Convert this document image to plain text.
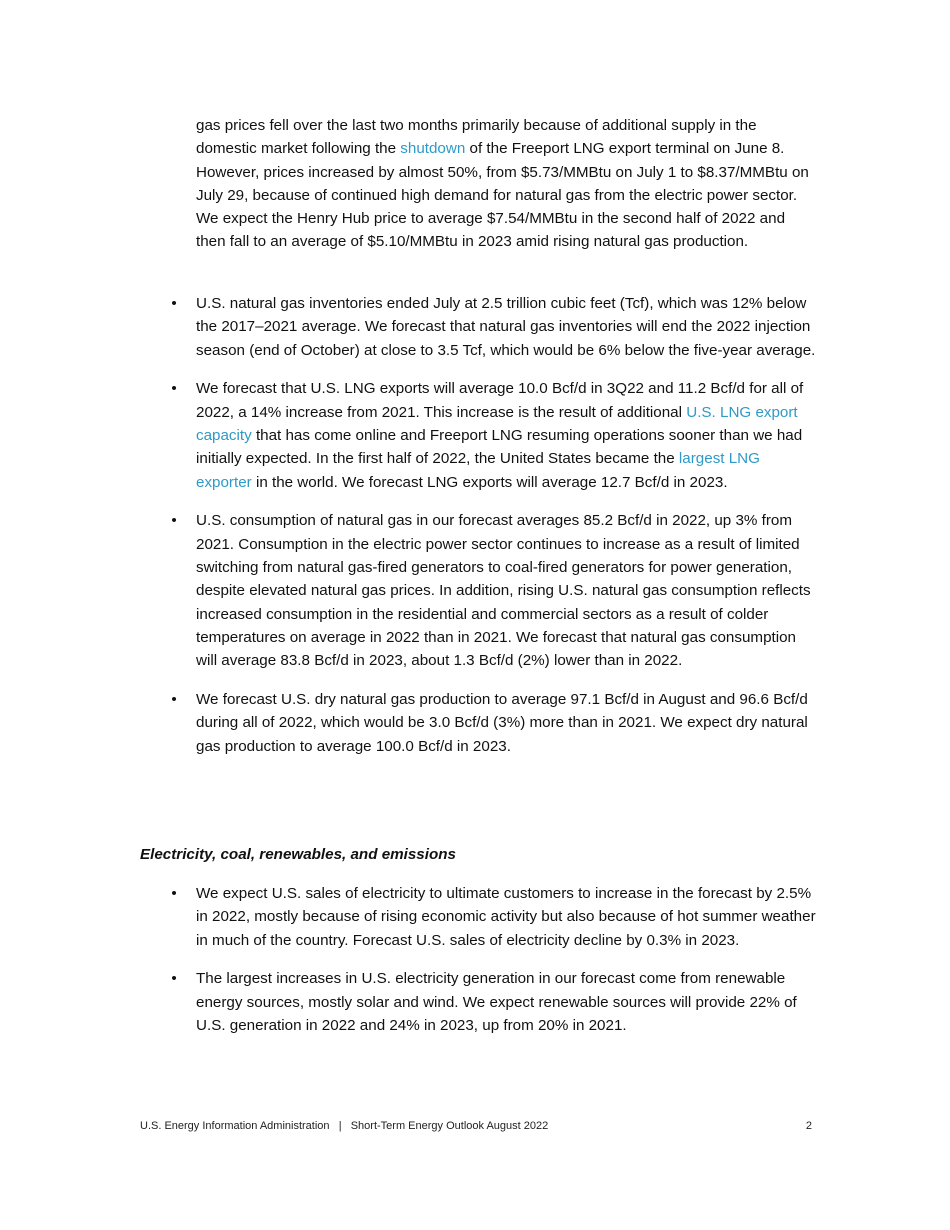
gas prices fell over the last two months primarily because of additional supply in the domestic market following the shutdown of the Freeport LNG export terminal on June 8. However, prices increased by almost 50%, from $5.73/MMBtu on July 1 to $8.37/MMBtu on July 29, because of continued high demand for natural gas from the electric power sector. We expect the Henry Hub price to average $7.54/MMBtu in the second half of 2022 and then fall to an average of $5.10/MMBtu in 2023 amid rising natural gas production.

• U.S. natural gas inventories ended July at 2.5 trillion cubic feet (Tcf), which was 12% below the 2017–2021 average. We forecast that natural gas inventories will end the 2022 injection season (end of October) at close to 3.5 Tcf, which would be 6% below the five-year average.
• We forecast that U.S. LNG exports will average 10.0 Bcf/d in 3Q22 and 11.2 Bcf/d for all of 2022, a 14% increase from 2021. This increase is the result of additional U.S. LNG export capacity that has come online and Freeport LNG resuming operations sooner than we had initially expected. In the first half of 2022, the United States became the largest LNG exporter in the world. We forecast LNG exports will average 12.7 Bcf/d in 2023.
• U.S. consumption of natural gas in our forecast averages 85.2 Bcf/d in 2022, up 3% from 2021. Consumption in the electric power sector continues to increase as a result of limited switching from natural gas-fired generators to coal-fired generators for power generation, despite elevated natural gas prices. In addition, rising U.S. natural gas consumption reflects increased consumption in the residential and commercial sectors as a result of colder temperatures on average in 2022 than in 2021. We forecast that natural gas consumption will average 83.8 Bcf/d in 2023, about 1.3 Bcf/d (2%) lower than in 2022.
• We forecast U.S. dry natural gas production to average 97.1 Bcf/d in August and 96.6 Bcf/d during all of 2022, which would be 3.0 Bcf/d (3%) more than in 2021. We expect dry natural gas production to average 100.0 Bcf/d in 2023.

Electricity, coal, renewables, and emissions

• We expect U.S. sales of electricity to ultimate customers to increase in the forecast by 2.5% in 2022, mostly because of rising economic activity but also because of hot summer weather in much of the country. Forecast U.S. sales of electricity decline by 0.3% in 2023.
• The largest increases in U.S. electricity generation in our forecast come from renewable energy sources, mostly solar and wind. We expect renewable sources will provide 22% of U.S. generation in 2022 and 24% in 2023, up from 20% in 2021.
U.S. Energy Information Administration   |   Short-Term Energy Outlook August 2022	2
